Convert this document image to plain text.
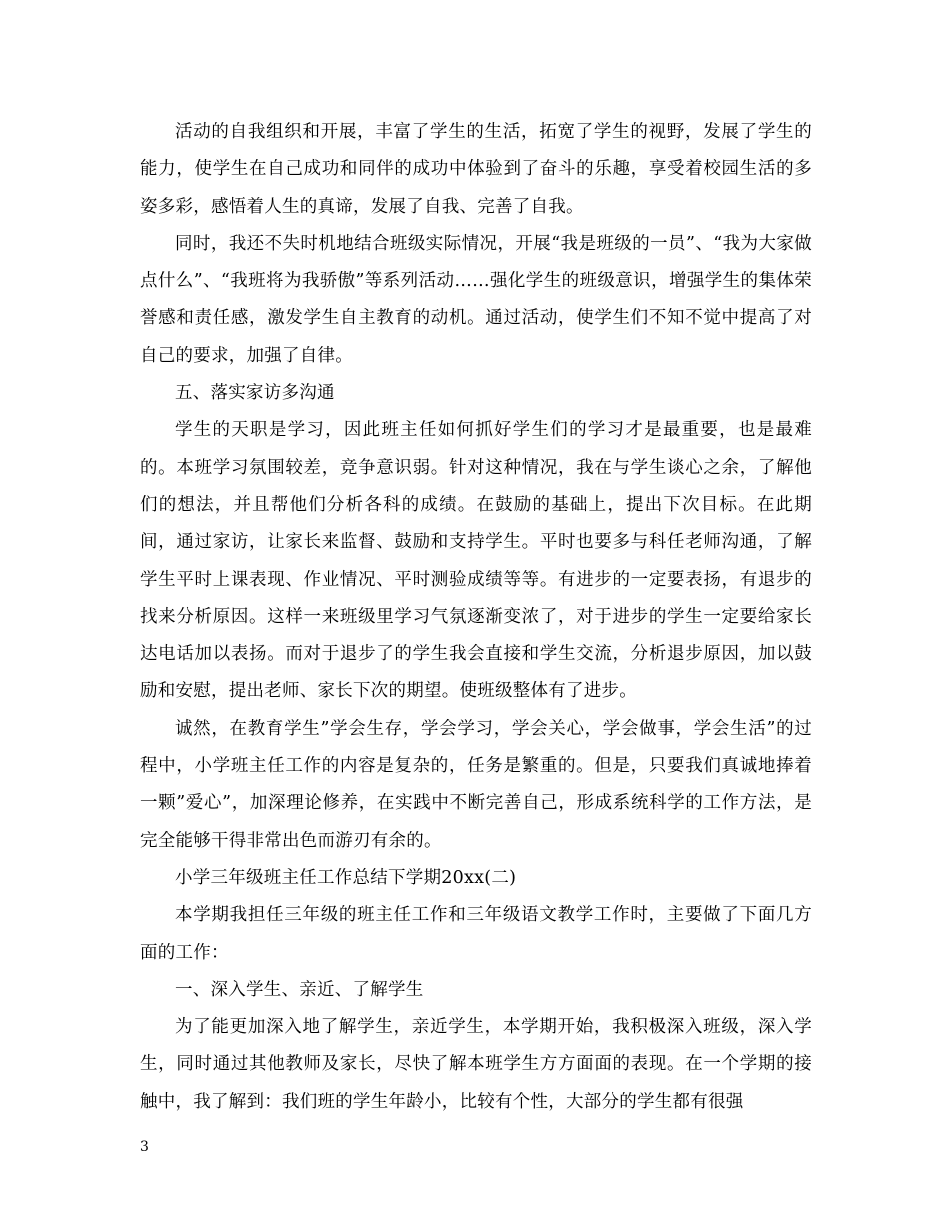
活动的自我组织和开展，丰富了学生的生活，拓宽了学生的视野，发展了学生的能力，使学生在自己成功和同伴的成功中体验到了奋斗的乐趣，享受着校园生活的多姿多彩，感悟着人生的真谛，发展了自我、完善了自我。

同时，我还不失时机地结合班级实际情况，开展“我是班级的一员”、“我为大家做点什么”、“我班将为我骄傲”等系列活动……强化学生的班级意识，增强学生的集体荣誉感和责任感，激发学生自主教育的动机。通过活动，使学生们不知不觉中提高了对自己的要求，加强了自律。

五、落实家访多沟通

学生的天职是学习，因此班主任如何抓好学生们的学习才是最重要，也是最难的。本班学习氛围较差，竞争意识弱。针对这种情况，我在与学生谈心之余，了解他们的想法，并且帮他们分析各科的成绩。在鼓励的基础上，提出下次目标。在此期间，通过家访，让家长来监督、鼓励和支持学生。平时也要多与科任老师沟通，了解学生平时上课表现、作业情况、平时测验成绩等等。有进步的一定要表扬，有退步的找来分析原因。这样一来班级里学习气氛逐渐变浓了，对于进步的学生一定要给家长达电话加以表扬。而对于退步了的学生我会直接和学生交流，分析退步原因，加以鼓励和安慰，提出老师、家长下次的期望。使班级整体有了进步。

诚然，在教育学生”学会生存，学会学习，学会关心，学会做事，学会生活”的过程中，小学班主任工作的内容是复杂的，任务是繁重的。但是，只要我们真诚地捧着一颗”爱心”，加深理论修养，在实践中不断完善自己，形成系统科学的工作方法，是完全能够干得非常出色而游刃有余的。

小学三年级班主任工作总结下学期20xx(二)

本学期我担任三年级的班主任工作和三年级语文教学工作时，主要做了下面几方面的工作：

一、深入学生、亲近、了解学生

为了能更加深入地了解学生，亲近学生，本学期开始，我积极深入班级，深入学生，同时通过其他教师及家长，尽快了解本班学生方方面面的表现。在一个学期的接触中，我了解到：我们班的学生年龄小，比较有个性，大部分的学生都有很强

3
